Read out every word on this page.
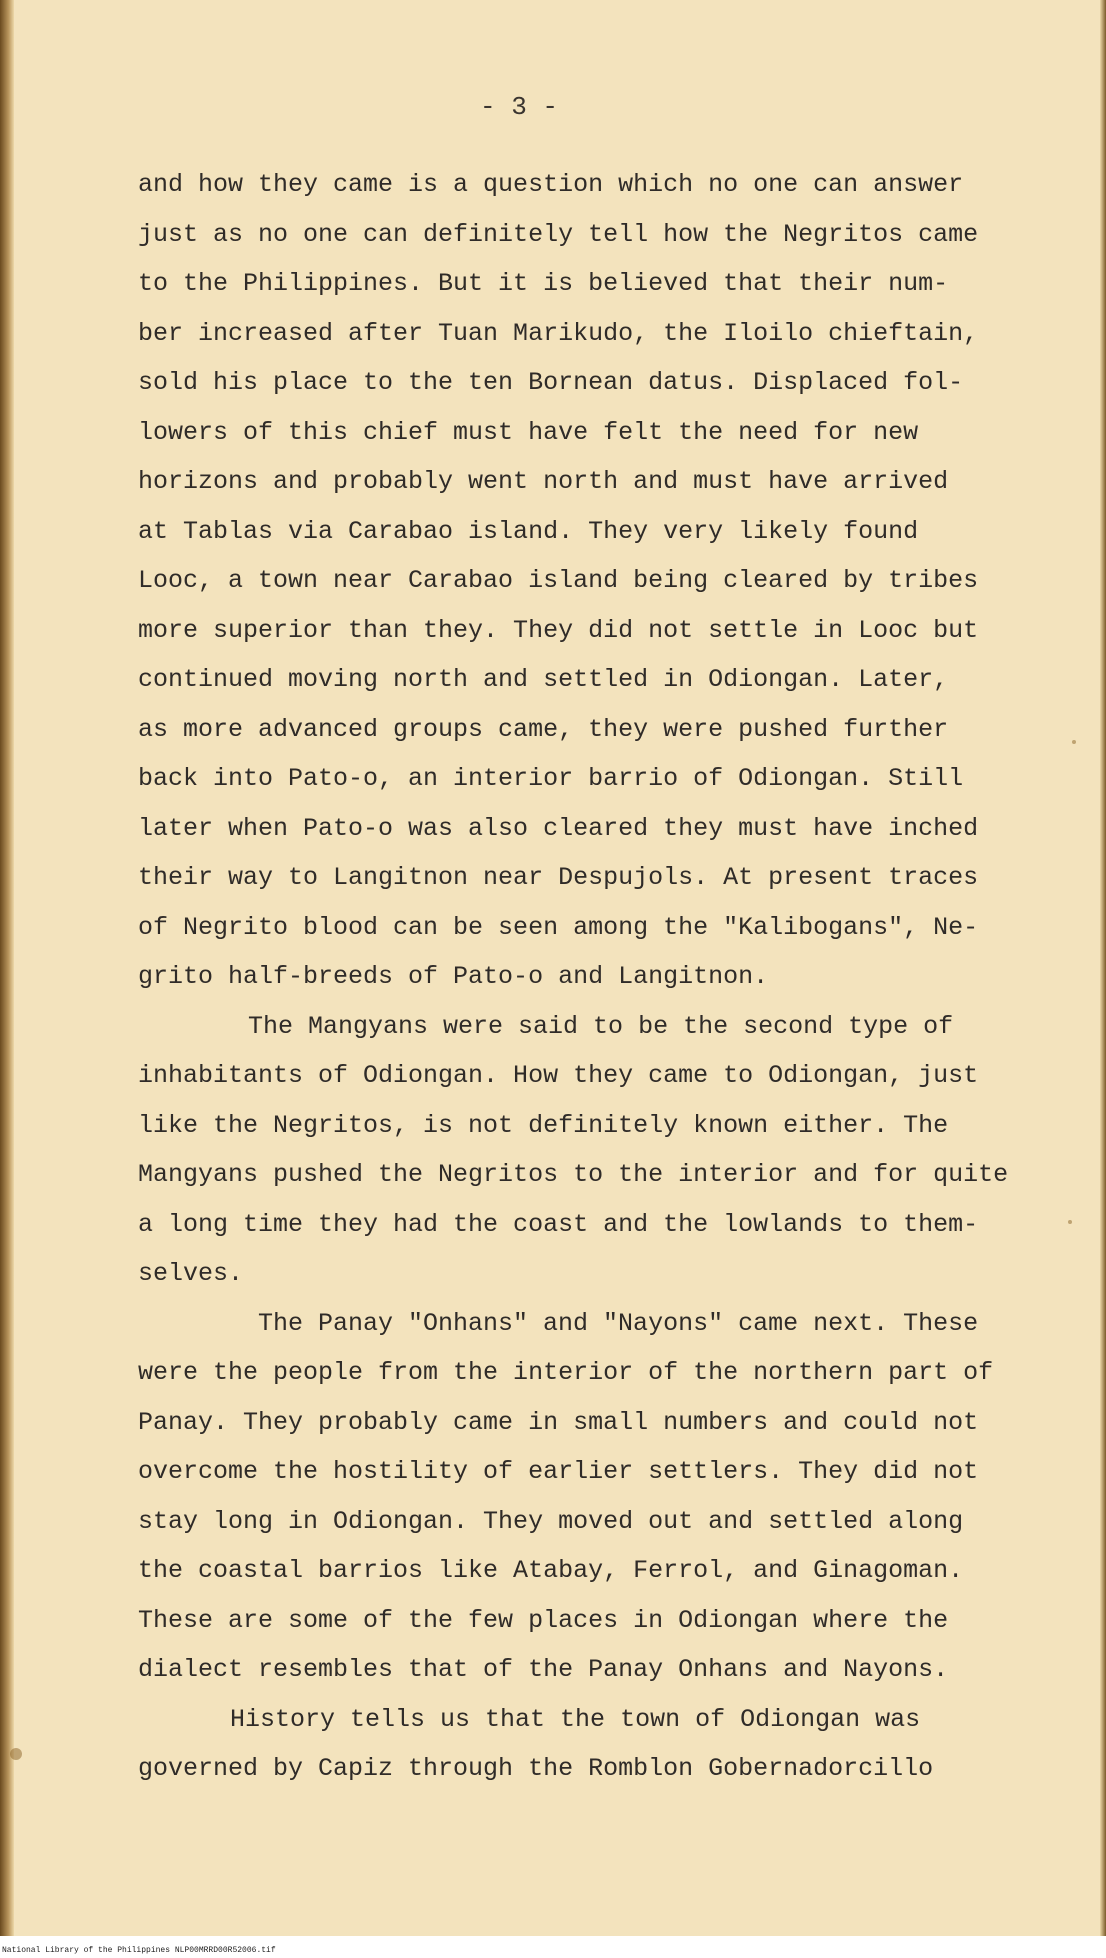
- 3 -
and how they came is a question which no one can answer
just as no one can definitely tell how the Negritos came
to the Philippines. But it is believed that their num-
ber increased after Tuan Marikudo, the Iloilo chieftain,
sold his place to the ten Bornean datus. Displaced fol-
lowers of this chief must have felt the need for new
horizons and probably went north and must have arrived
at Tablas via Carabao island. They very likely found
Looc, a town near Carabao island being cleared by tribes
more superior than they. They did not settle in Looc but
continued moving north and settled in Odiongan. Later,
as more advanced groups came, they were pushed further
back into Pato-o, an interior barrio of Odiongan. Still
later when Pato-o was also cleared they must have inched
their way to Langitnon near Despujols. At present traces
of Negrito blood can be seen among the "Kalibogans", Ne-
grito half-breeds of Pato-o and Langitnon.
The Mangyans were said to be the second type of
inhabitants of Odiongan. How they came to Odiongan, just
like the Negritos, is not definitely known either. The
Mangyans pushed the Negritos to the interior and for quite
a long time they had the coast and the lowlands to them-
selves.
The Panay "Onhans" and "Nayons" came next. These
were the people from the interior of the northern part of
Panay. They probably came in small numbers and could not
overcome the hostility of earlier settlers. They did not
stay long in Odiongan. They moved out and settled along
the coastal barrios like Atabay, Ferrol, and Ginagoman.
These are some of the few places in Odiongan where the
dialect resembles that of the Panay Onhans and Nayons.
History tells us that the town of Odiongan was
governed by Capiz through the Romblon Gobernadorcillo
National Library of the Philippines NLP00MRRD00R52006.tif
